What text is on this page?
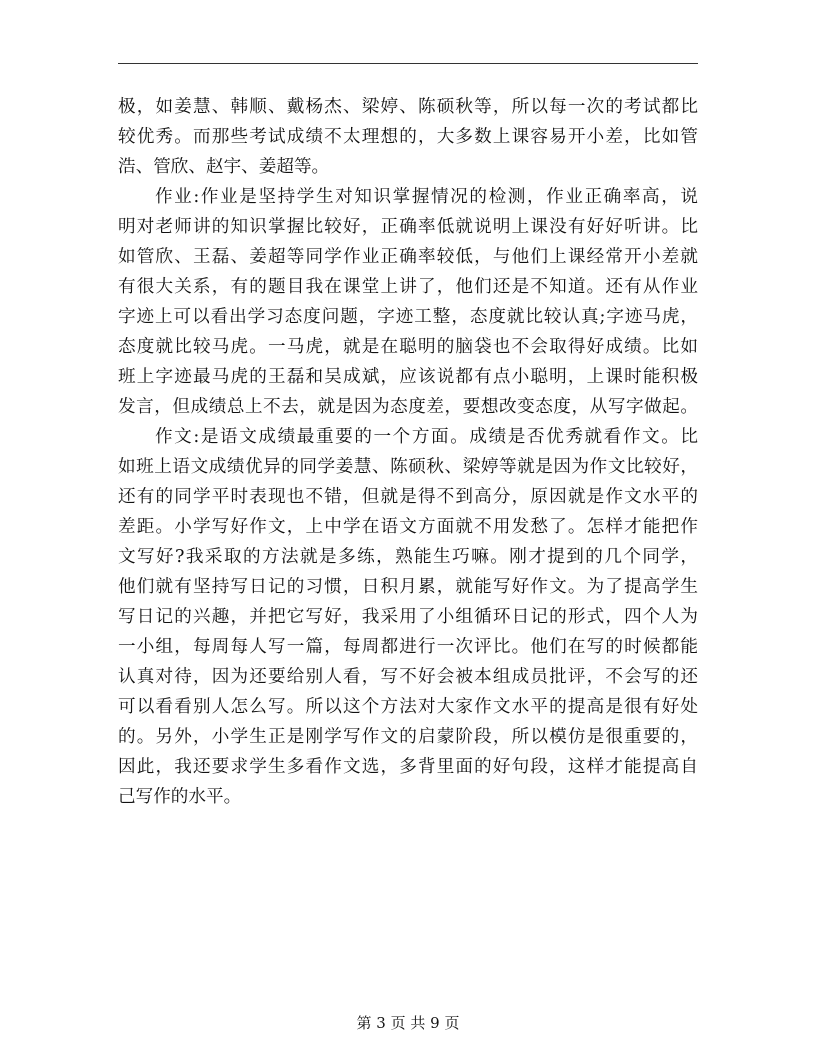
极，如姜慧、韩顺、戴杨杰、梁婷、陈硕秋等，所以每一次的考试都比
较优秀。而那些考试成绩不太理想的，大多数上课容易开小差，比如管
浩、管欣、赵宇、姜超等。
作业:作业是坚持学生对知识掌握情况的检测，作业正确率高，说
明对老师讲的知识掌握比较好，正确率低就说明上课没有好好听讲。比
如管欣、王磊、姜超等同学作业正确率较低，与他们上课经常开小差就
有很大关系，有的题目我在课堂上讲了，他们还是不知道。还有从作业
字迹上可以看出学习态度问题，字迹工整，态度就比较认真;字迹马虎，
态度就比较马虎。一马虎，就是在聪明的脑袋也不会取得好成绩。比如
班上字迹最马虎的王磊和吴成斌，应该说都有点小聪明，上课时能积极
发言，但成绩总上不去，就是因为态度差，要想改变态度，从写字做起。
作文:是语文成绩最重要的一个方面。成绩是否优秀就看作文。比
如班上语文成绩优异的同学姜慧、陈硕秋、梁婷等就是因为作文比较好，
还有的同学平时表现也不错，但就是得不到高分，原因就是作文水平的
差距。小学写好作文，上中学在语文方面就不用发愁了。怎样才能把作
文写好?我采取的方法就是多练，熟能生巧嘛。刚才提到的几个同学，
他们就有坚持写日记的习惯，日积月累，就能写好作文。为了提高学生
写日记的兴趣，并把它写好，我采用了小组循环日记的形式，四个人为
一小组，每周每人写一篇，每周都进行一次评比。他们在写的时候都能
认真对待，因为还要给别人看，写不好会被本组成员批评，不会写的还
可以看看别人怎么写。所以这个方法对大家作文水平的提高是很有好处
的。另外，小学生正是刚学写作文的启蒙阶段，所以模仿是很重要的，
因此，我还要求学生多看作文选，多背里面的好句段，这样才能提高自
己写作的水平。
第 3 页 共 9 页
